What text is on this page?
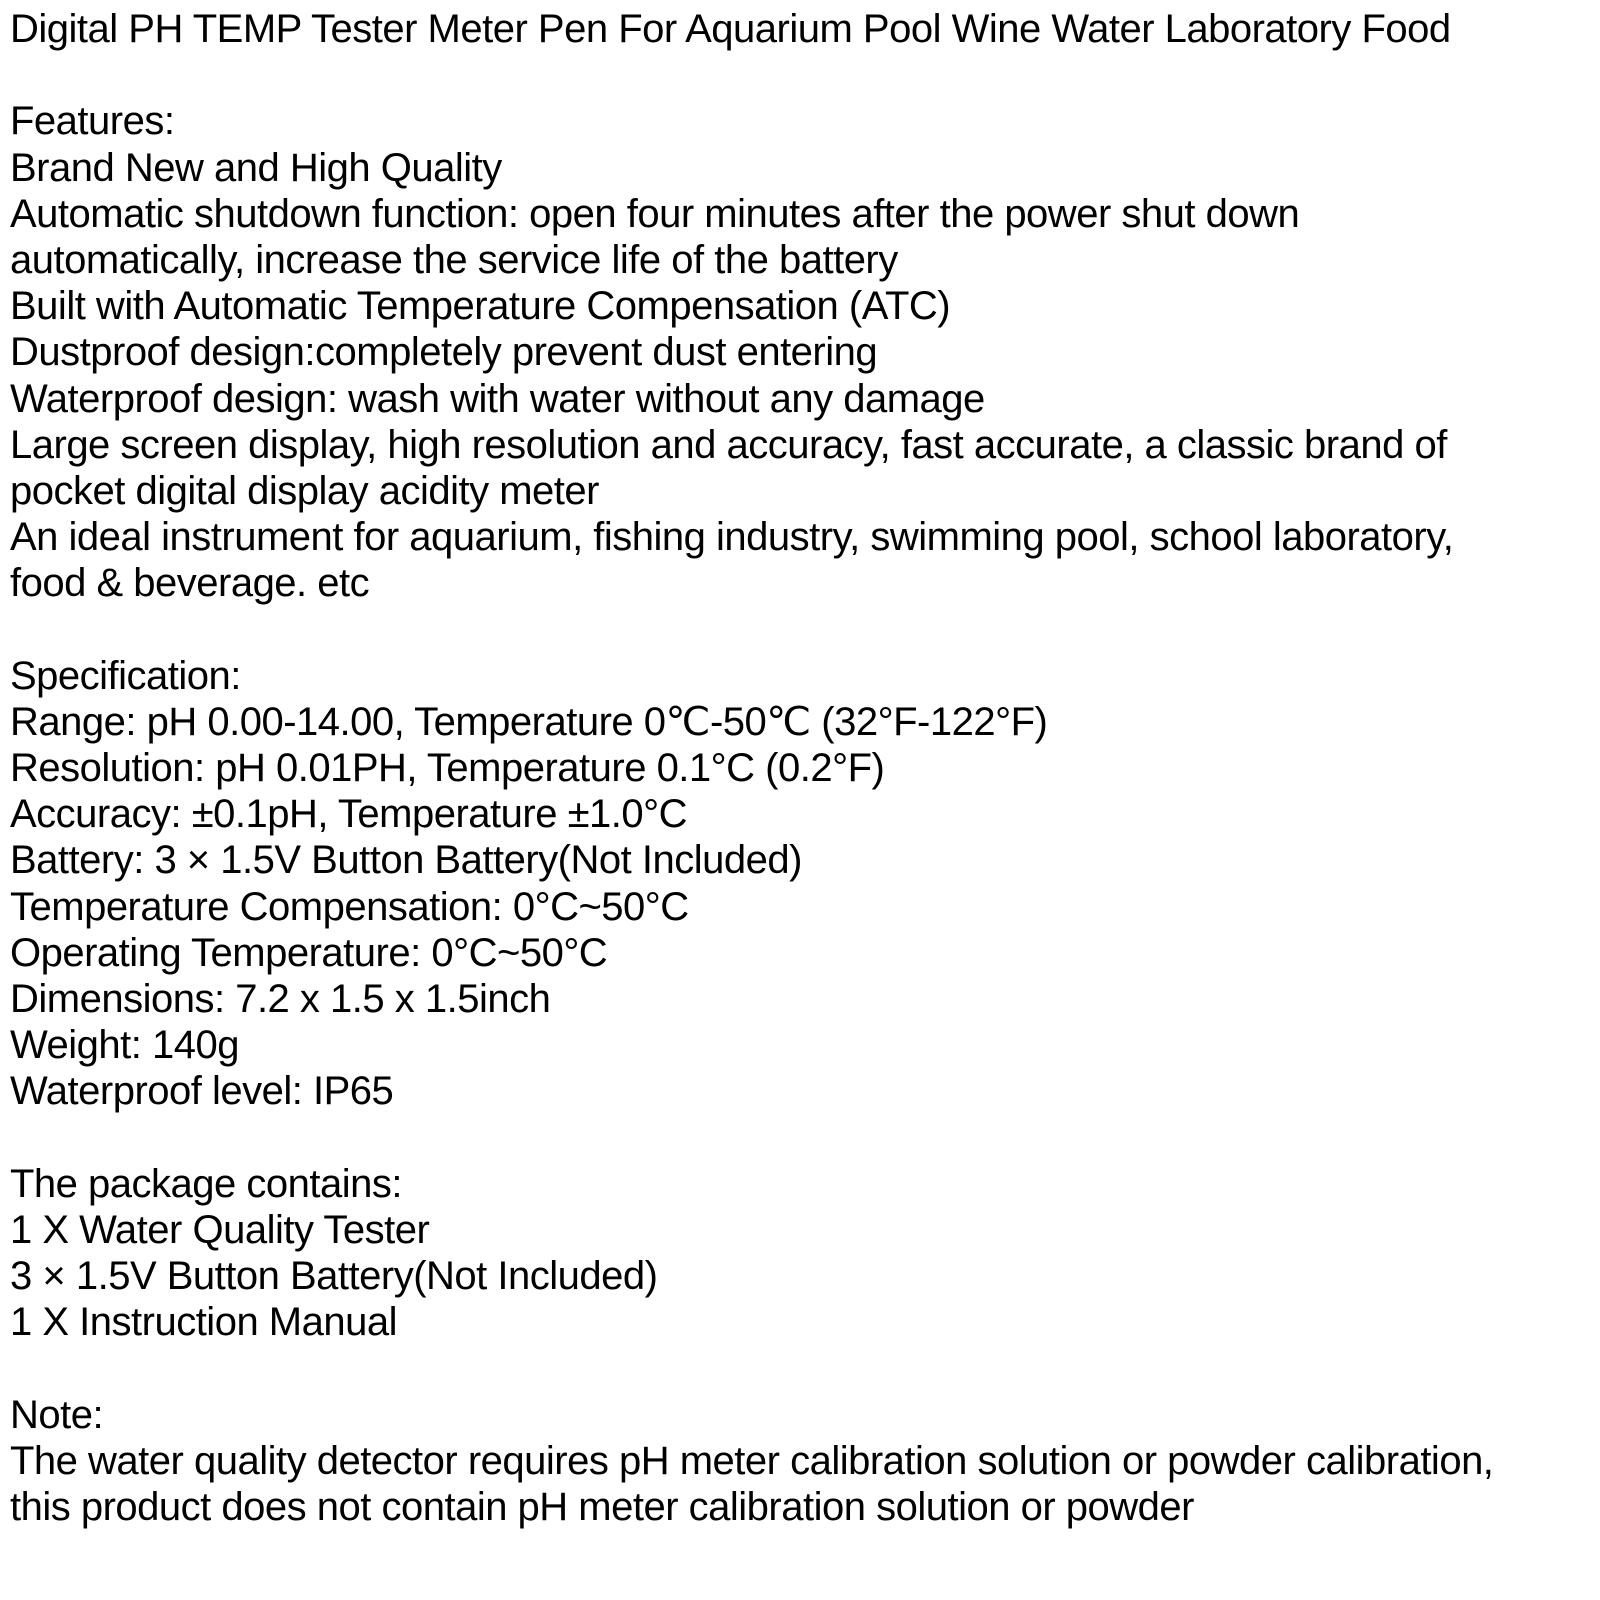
Digital PH TEMP Tester Meter Pen For Aquarium Pool Wine Water Laboratory Food
Features:
Brand New and High Quality
Automatic shutdown function: open four minutes after the power shut down
automatically, increase the service life of the battery
Built with Automatic Temperature Compensation (ATC)
Dustproof design:completely prevent dust entering
Waterproof design: wash with water without any damage
Large screen display, high resolution and accuracy, fast accurate, a classic brand of
pocket digital display acidity meter
An ideal instrument for aquarium, fishing industry, swimming pool, school laboratory,
food & beverage. etc
Specification:
Range: pH 0.00-14.00, Temperature 0℃-50℃ (32°F-122°F)
Resolution: pH 0.01PH, Temperature 0.1°C (0.2°F)
Accuracy: ±0.1pH, Temperature ±1.0°C
Battery: 3 × 1.5V Button Battery(Not Included)
Temperature Compensation: 0°C~50°C
Operating Temperature: 0°C~50°C
Dimensions: 7.2 x 1.5 x 1.5inch
Weight: 140g
Waterproof level: IP65
The package contains:
1 X Water Quality Tester
3 × 1.5V Button Battery(Not Included)
1 X Instruction Manual
Note:
The water quality detector requires pH meter calibration solution or powder calibration,
this product does not contain pH meter calibration solution or powder
